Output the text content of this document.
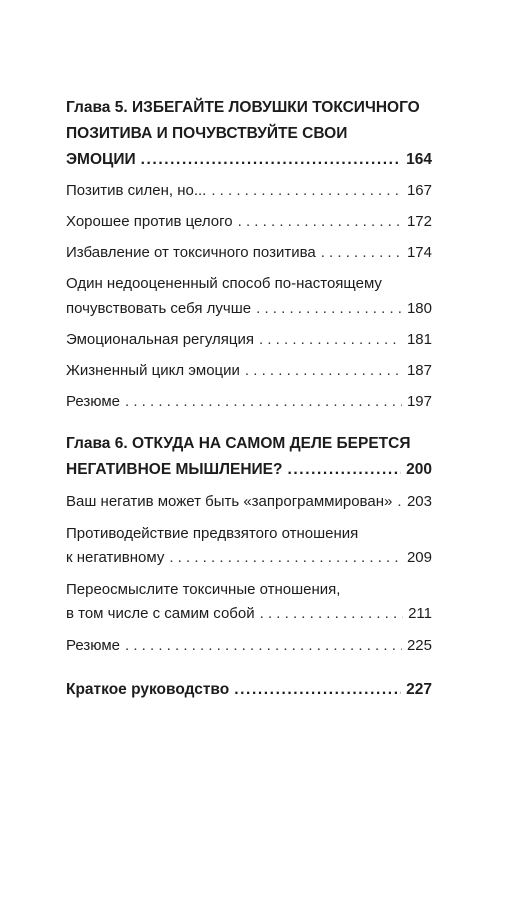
Глава 5. ИЗБЕГАЙТЕ ЛОВУШКИ ТОКСИЧНОГО
ПОЗИТИВА И ПОЧУВСТВУЙТЕ СВОИ
ЭМОЦИИ .....	164
Позитив силен, но... . . .	167
Хорошее против целого . . .	172
Избавление от токсичного позитива . . .	174
Один недооцененный способ по-настоящему
почувствовать себя лучше . . .	180
Эмоциональная регуляция . . .	181
Жизненный цикл эмоции . . .	187
Резюме . . .	197
Глава 6. ОТКУДА НА САМОМ ДЕЛЕ БЕРЕТСЯ
НЕГАТИВНОЕ МЫШЛЕНИЕ? .....	200
Ваш негатив может быть «запрограммирован» . . . 203
Противодействие предвзятого отношения
к негативному . . .	209
Переосмыслите токсичные отношения,
в том числе с самим собой . . .	211
Резюме . . .	225
Краткое руководство .....	227
